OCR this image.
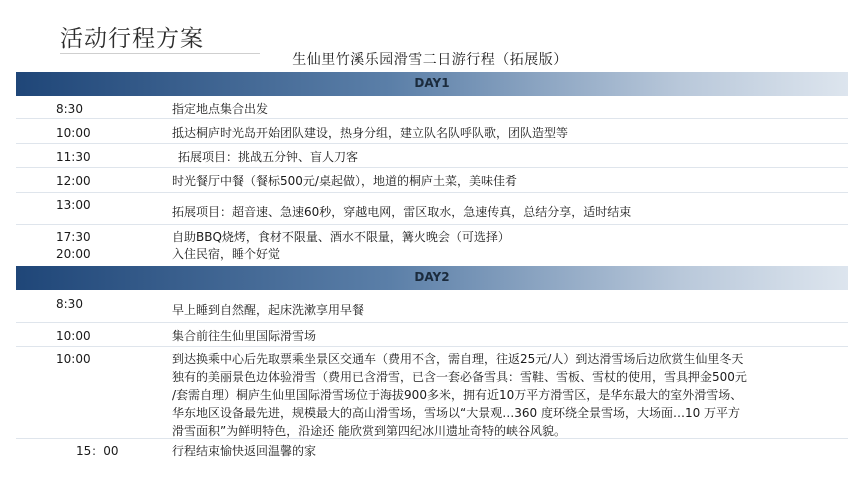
活动行程方案
生仙里竹溪乐园滑雪二日游行程（拓展版）
DAY1
8:30	指定地点集合出发
10:00	抵达桐庐时光岛开始团队建设，热身分组，建立队名队呼队歌，团队造型等
11:30	拓展项目：挑战五分钟、盲人刀客
12:00	时光餐厅中餐（餐标500元/桌起做），地道的桐庐土菜，美味佳肴
13:00	拓展项目：超音速、急速60秒，穿越电网，雷区取水，急速传真，总结分享，适时结束
17:30	自助BBQ烧烤，食材不限量、酒水不限量，篝火晚会（可选择）
20:00	入住民宿，睡个好觉
DAY2
8:30	早上睡到自然醒，起床洗漱享用早餐
10:00	集合前往生仙里国际滑雪场
10:00	到达换乘中心后先取票乘坐景区交通车（费用不含，需自理，往返25元/人）到达滑雪场后边欣赏生仙里冬天
独有的美丽景色边体验滑雪（费用已含滑雪，已含一套必备雪具：雪鞋、雪板、雪杖的使用，雪具押金500元
/套需自理）桐庐生仙里国际滑雪场位于海拔900多米，拥有近10万平方滑雪区，是华东最大的室外滑雪场、
华东地区设备最先进，规模最大的高山滑雪场，雪场以“大景观…360 度环绕全景雪场，大场面…10 万平方
滑雪面积”为鲜明特色，沿途还 能欣赏到第四纪冰川遗址奇特的峡谷风貌。
15：00	行程结束愉快返回温馨的家
